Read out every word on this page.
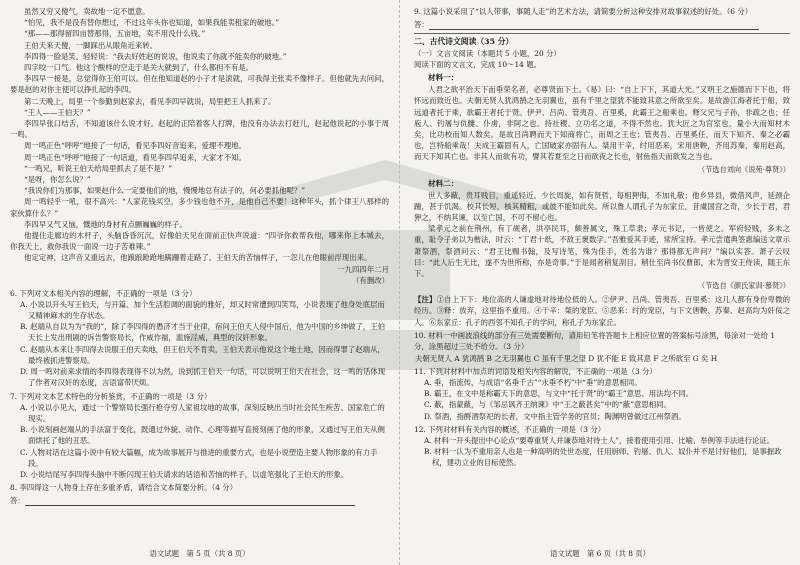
虽然又穷又傻气，卖故地一定不愿意。

“怕见，我不是没有替你想过，不过这年头你也知道，如果我能卖租家的破地。”

“那——那得留四亩替那得，五亩地，卖不用没什么钱。”

王伯天来天傻，一脚踩出从眼角近来转。

李四得一脸是笑，轻轻说：“我去好姓赵的说说，他说卖了你就不能卖你的破地。”

四字咬一口气。他这个酸样的空走于是关大就到了，什么都担不有是。

李四早一接是，总觉得你王伯可以。但在他知道赵的小子才是滚就，可我得主张卖不像样子。但他就先去问问，要是赵的对你主使可以挣扎起的李四。

第二天晚上，局里一个参勤到赵家去，看见李四早就说，局里把王人抓来了。

“王人——王伯天？”

李四早张口结舌，不知道该什么说才好。赵起的正陪着客人打牌，他没有办法去打赶儿，赵起他说起的小事于周一鸣。

周一鸣正色“呼呼”地接了一句话，看见李四好音追来，爱理不理地。

周一鸣正色“呼呼”地接了一句话道，看见李四早追来，大家才不知。

“一鸣兄，听说王伯天给局里抓去了是不是？”

“是呀，你怎么说？”

“我说你们为那事，如果赵什么一定要他们的地，慢慢地总有法子的，何必要抓他呢？”

周一鸣轻乎一吼，很不高兴：“人家花钱买空，多少钱也他不开，是他自己不要！这种年头，抓个律王八那样的家伙算什么？”

李四早又气又恼，慨地的身材有点颤巍巍的样子。

他提住走廊边的木杆子，头脑昏昏沉沉，好像伯天见在面前正快声说道：“四爷你救帮我他，哪来你上本城去，你我天上，救你我说一面说一边子苦难辣。”

他定定神，这声音又重远去，他踉踉跄跄地蹒跚着走路了。王伯天的苦恼样子，一忽儿在他眼前浮现出来。

一九四四年二月

（有删改）

6. 下列对文本相关内容的理解，不正确的一项是（3 分）

A. 小说以开头写王伯天，与开篇、加个生活腔调的面貌的雅好，却又时常遭到四笑骂，小说表现了他身处底层而又精神麻木的生存状态。

B. 赵端从自以为为“我的”，除了李四得的愚济才当于业律，宿间王伯天人侵中国后，他为中国的乡绅做了，王伯天长上发出刑剧的诉告警察局长，作威作福，滥施淫威，典型的汉奸形象。

C. 赵端从本来让李四得去说服王伯天卖地，但王伯天不肯卖，王伯天表示他说这个地土地，因而得罪了赵端从，最终被抓进警察局。

D. 周一鸣对前来求情的李四得表现得不以为然，说到抓王伯天一句话，可以说明王伯天在社会，这一鸣的话体现了作者对汉奸的态度，言语富带厌烦。

7. 下列对文本艺术特色的分析鉴赏，不正确的一项是（3 分）

A. 小说以小见大，通过一个警察局长强行抢夺穷人家祖坟地的故事，深刻反映出当时社会民生疾苦、国家危亡的现实。

B. 小说刻画赵端从的手法富于变化，既通过外貌、动作、心理等描写直接刻画了他的形象，又通过写王伯天从侧面烘托了他的丑恶。

C. 人物对话在这篇小说中有较大篇幅，成为故事展开与推进的重要方式，也是小说塑造主要人物形象的有力手段。

D. 小说结尾写李四得头脑中不断闪现王伯天请求的话语和苦恼的样子，以虚笔强化了王伯天的形象。

8. 李四得这一人物身上存在多重矛盾，请结合文本简要分析。（4 分）

答：

语文试题　第 5 页（共 8 页）

9. 这篇小说采用了“以人带事，事随人走”的艺术方法，请简要分析这种安排对故事叙述的好处。（6 分）

答：

二、古代诗文阅读（35 分）

（一）文言文阅读（本题共 5 小题，20 分）

阅读下面的文言文，完成 10～14 题。

材料一：

人君之欲平治天下而垂荣名者，必尊贤而下士。《易》曰：“自上下下，其道大光。”又明王之施德而下下也，将怀远而致近也。夫朝无贤人犹鸿鹄之无羽翼也，虽有千里之望犹不能致其意之所欲至矣。是故游江海者托于船，致远道者托于乘，欲霸王者托于贤。伊尹、吕尚、管夷吾、百里奚，此霸王之船乘也。释父兄与子孙，非疏之也；任庖人、钓屠与仇雠、仆虏，非阿之也。持社稷、立功名之道，不得不然也。犹大匠之为宫室也，量小大而知材木矣，比功校而知人数矣。是故吕尚聘而天下知商将亡，而周之王也；管夷吾、百里奚任，而天下知齐、秦之必霸也，岂特船乘哉！夫成王霸固有人，亡国破家亦固有人。桀用干辛，纣用恶来，宋用唐鞅，齐用苏秦，秦用赵高，而天下知其亡也。非其人而欲有功，譬其若夏至之日而欲夜之长也，射鱼指天而欲发之当也。

（节选自刘向《说苑·尊贤》）

材料二：

世人多蔽，贵耳贱目，重遥轻近。少长周旋，如有贤哲，每相狎侮，不加礼敬；他乡异县，微借风声，延颈企踵，甚于饥渴。校其长短，核其精粗，或彼不能如此矣。所以鲁人谓孔子为东家丘，昔虞国宫之奇，少长于君，君狎之，不纳其谏，以至亡国，不可不留心也。

梁孝元之前在荆州，有丁觇者，洪亭民耳，颇善属文，殊工草隶；孝元书记，一皆使之。军府轻贱，多未之重，耻令子弟以为楷法，时云：“丁君十纸，不敌王褒数字。”吾雅爱其手迹，常所宝持。孝元尝遣典签惠编送文章示萧祭酒，祭酒问云：“君王比赐书翰，及写诗笔，殊为佳手，姓名为谁？那得都无声问？”编以实答。萧子云叹曰：“此人后生无比，遂不为世所称，亦是奇事。”于是闻者稍复刮目。稍仕至尚书仪曹郎，末为晋安王侍读，随王东下。

（节选自《颜氏家训·慕贤》）

【注】①自上下下：地位高的人谦虚地对待地位低的人。②伊尹、吕尚、管夷吾、百里奚：这几人都有身份卑微的经历。③释：放弃，这里指不重用。④干辛：桀的宠臣。⑤恶来：纣的宠臣，与下文唐鞅、苏秦、赵高均为奸佞之人。⑥东家丘：孔子的西邻不知孔子的学问，称孔子为东家丘。

10. 材料一中画波浪线的部分有三处需要断句，请用铅笔将答题卡上相应位置的答案标号涂黑，每涂对一处给 1 分，涂黑超过三处不给分。（3 分）

夫朝无贤人 A 犹鸿鹄 B 之无羽翼也 C 虽有千里之望 D 犹不能 E 致其意 F 之所欲至 G 矣 H

11. 下列对材料中加点的词语及相关内容的解说，不正确的一项是（3 分）

A. 垂，指流传，与成语“名垂千古”“永垂不朽”中“垂”的意思相同。

B. 霸王，在文中是称霸天下的意思，与文中“托于贤”的“霸王”意思、用法均不同。

C. 蔽，指蒙蔽，与《邹忌讽齐王纳谏》中“王之蔽甚矣”中的“蔽”意思相同。

D. 祭酒，指酹酒祭祀的长者，文中指主管学务的官员；陶渊明曾做过江州祭酒。

12. 下列对材料有关内容的概述，不正确的一项是（3 分）

A. 材料一开头提出中心论点“要尊重贤人并谦恭地对待士人”，接着使用引用、比喻、举例等手法进行论证。

B. 材料一认为不重用亲人也是一种高明的处世态度，任用厨师、钓屠、仇人、奴仆并不是讨好他们，是事握政权，建功立业的目标使然。

语文试题　第 6 页（共 8 页）
